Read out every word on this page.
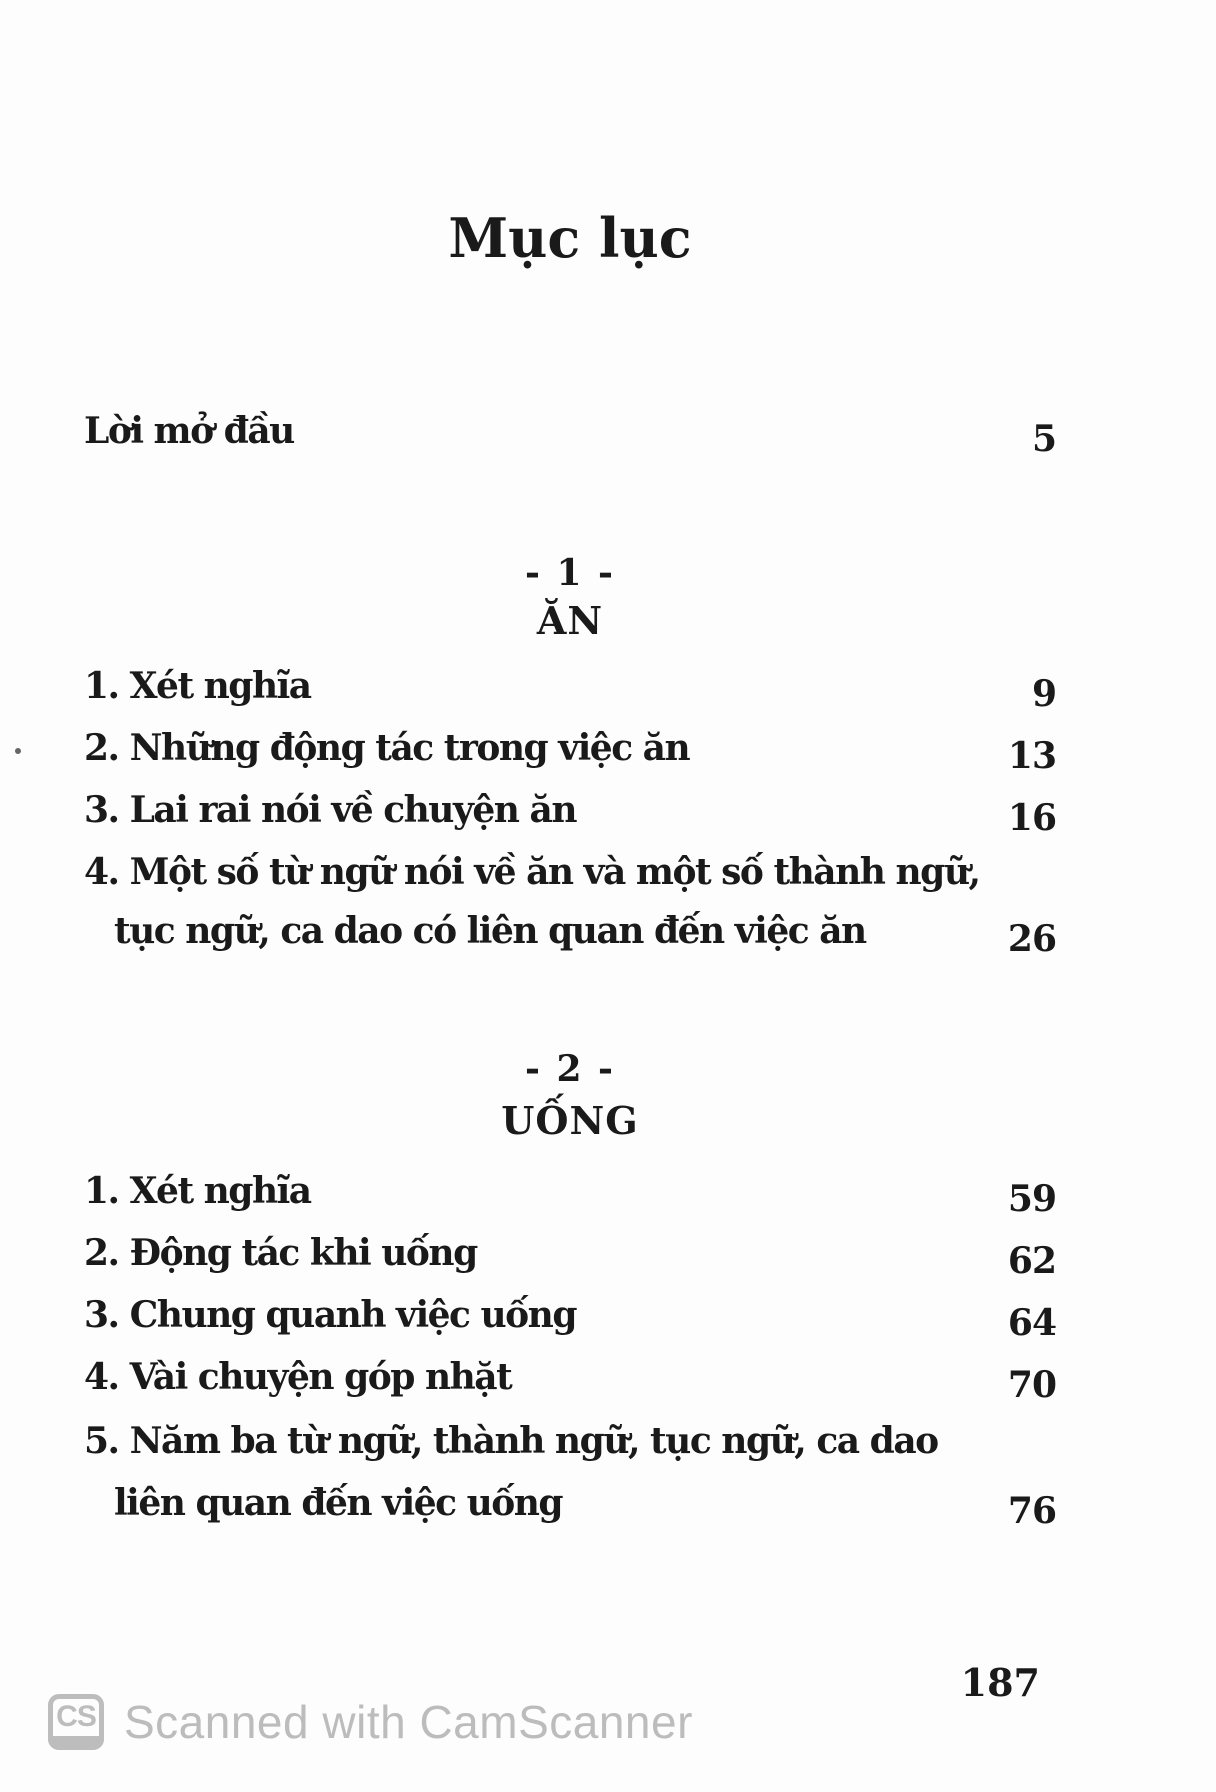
Mục lục
Lời mở đầu	5
- 1 -
ĂN
1. Xét nghĩa	9
2. Những động tác trong việc ăn	13
3. Lai rai nói về chuyện ăn	16
4. Một số từ ngữ nói về ăn và một số thành ngữ,
tục ngữ, ca dao có liên quan đến việc ăn	26
- 2 -
UỐNG
1. Xét nghĩa	59
2. Động tác khi uống	62
3. Chung quanh việc uống	64
4. Vài chuyện góp nhặt	70
5. Năm ba từ ngữ, thành ngữ, tục ngữ, ca dao
liên quan đến việc uống	76
187
CS Scanned with CamScanner
